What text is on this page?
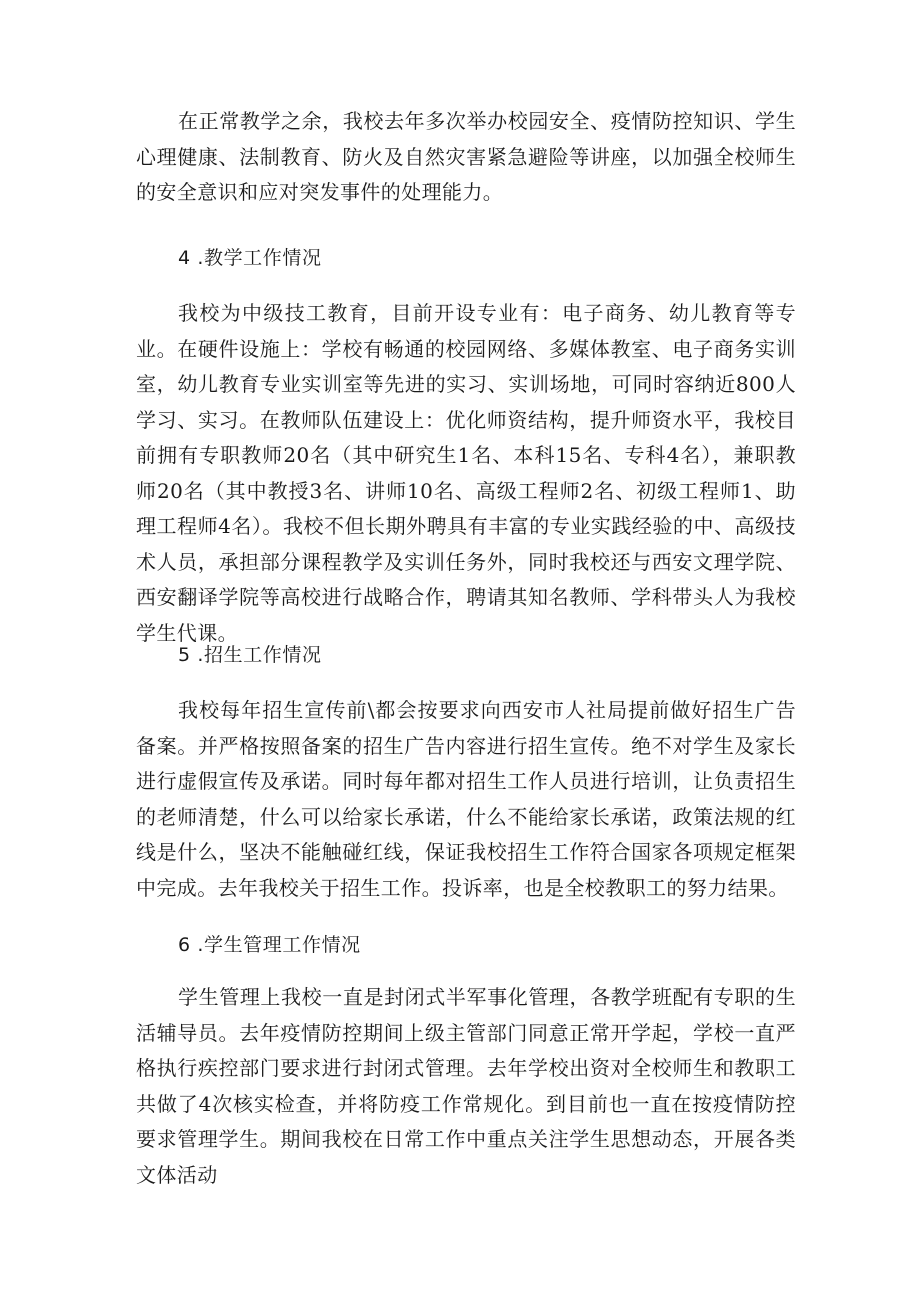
在正常教学之余，我校去年多次举办校园安全、疫情防控知识、学生心理健康、法制教育、防火及自然灾害紧急避险等讲座，以加强全校师生的安全意识和应对突发事件的处理能力。

4 .教学工作情况

我校为中级技工教育，目前开设专业有：电子商务、幼儿教育等专业。在硬件设施上：学校有畅通的校园网络、多媒体教室、电子商务实训室，幼儿教育专业实训室等先进的实习、实训场地，可同时容纳近800人学习、实习。在教师队伍建设上：优化师资结构，提升师资水平，我校目前拥有专职教师20名（其中研究生1名、本科15名、专科4名），兼职教师20名（其中教授3名、讲师10名、高级工程师2名、初级工程师1、助理工程师4名）。我校不但长期外聘具有丰富的专业实践经验的中、高级技术人员，承担部分课程教学及实训任务外，同时我校还与西安文理学院、西安翻译学院等高校进行战略合作，聘请其知名教师、学科带头人为我校学生代课。

5 .招生工作情况

我校每年招生宣传前\都会按要求向西安市人社局提前做好招生广告备案。并严格按照备案的招生广告内容进行招生宣传。绝不对学生及家长进行虚假宣传及承诺。同时每年都对招生工作人员进行培训，让负责招生的老师清楚，什么可以给家长承诺，什么不能给家长承诺，政策法规的红线是什么，坚决不能触碰红线，保证我校招生工作符合国家各项规定框架中完成。去年我校关于招生工作。投诉率，也是全校教职工的努力结果。

6 .学生管理工作情况

学生管理上我校一直是封闭式半军事化管理，各教学班配有专职的生活辅导员。去年疫情防控期间上级主管部门同意正常开学起，学校一直严格执行疾控部门要求进行封闭式管理。去年学校出资对全校师生和教职工共做了4次核实检查，并将防疫工作常规化。到目前也一直在按疫情防控要求管理学生。期间我校在日常工作中重点关注学生思想动态，开展各类文体活动
